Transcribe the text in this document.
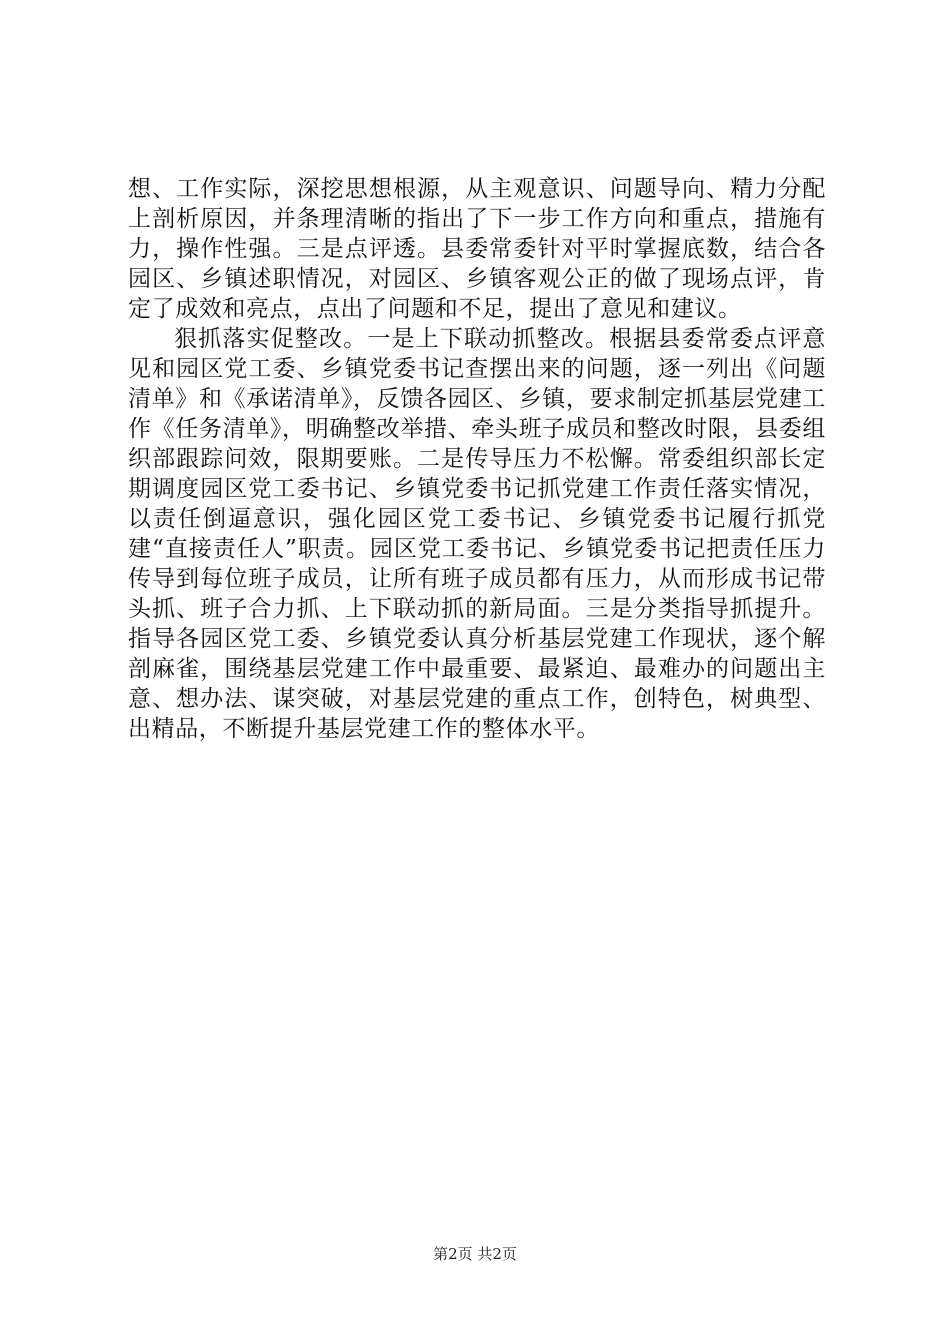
想、工作实际，深挖思想根源，从主观意识、问题导向、精力分配上剖析原因，并条理清晰的指出了下一步工作方向和重点，措施有力，操作性强。三是点评透。县委常委针对平时掌握底数，结合各园区、乡镇述职情况，对园区、乡镇客观公正的做了现场点评，肯定了成效和亮点，点出了问题和不足，提出了意见和建议。

狠抓落实促整改。一是上下联动抓整改。根据县委常委点评意见和园区党工委、乡镇党委书记查摆出来的问题，逐一列出《问题清单》和《承诺清单》，反馈各园区、乡镇，要求制定抓基层党建工作《任务清单》，明确整改举措、牵头班子成员和整改时限，县委组织部跟踪问效，限期要账。二是传导压力不松懈。常委组织部长定期调度园区党工委书记、乡镇党委书记抓党建工作责任落实情况，以责任倒逼意识，强化园区党工委书记、乡镇党委书记履行抓党建“直接责任人”职责。园区党工委书记、乡镇党委书记把责任压力传导到每位班子成员，让所有班子成员都有压力，从而形成书记带头抓、班子合力抓、上下联动抓的新局面。三是分类指导抓提升。指导各园区党工委、乡镇党委认真分析基层党建工作现状，逐个解剖麻雀，围绕基层党建工作中最重要、最紧迫、最难办的问题出主意、想办法、谋突破，对基层党建的重点工作，创特色，树典型、出精品，不断提升基层党建工作的整体水平。

第2页 共2页
